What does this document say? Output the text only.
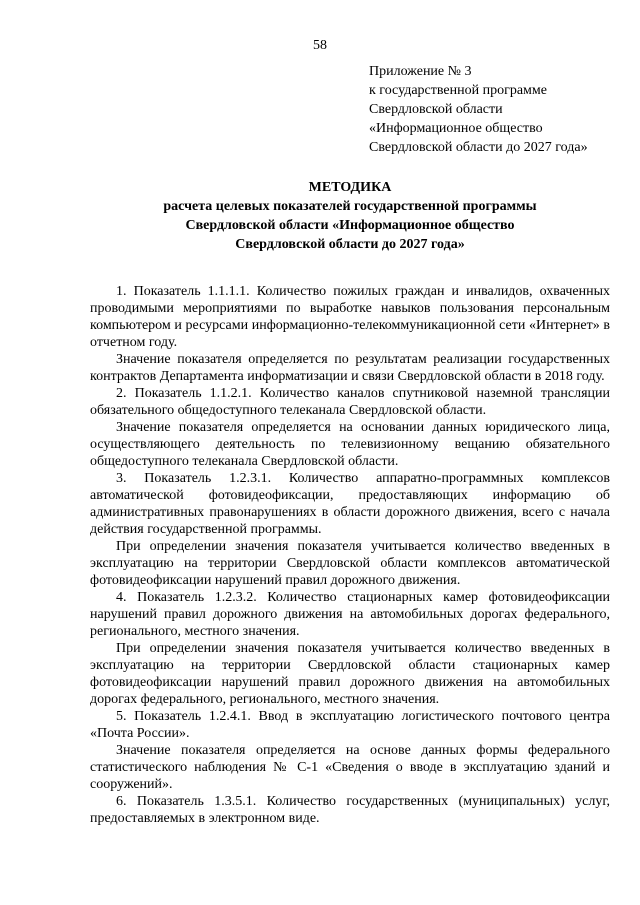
58
Приложение № 3
к государственной программе
Свердловской области
«Информационное общество
Свердловской области до 2027 года»
МЕТОДИКА
расчета целевых показателей государственной программы
Свердловской области «Информационное общество
Свердловской области до 2027 года»

1. Показатель 1.1.1.1. Количество пожилых граждан и инвалидов, охваченных проводимыми мероприятиями по выработке навыков пользования персональным компьютером и ресурсами информационно-телекоммуникационной сети «Интернет» в отчетном году.

Значение показателя определяется по результатам реализации государственных контрактов Департамента информатизации и связи Свердловской области в 2018 году.

2. Показатель 1.1.2.1. Количество каналов спутниковой наземной трансляции обязательного общедоступного телеканала Свердловской области.

Значение показателя определяется на основании данных юридического лица, осуществляющего деятельность по телевизионному вещанию обязательного общедоступного телеканала Свердловской области.

3. Показатель 1.2.3.1. Количество аппаратно-программных комплексов автоматической фотовидеофиксации, предоставляющих информацию об административных правонарушениях в области дорожного движения, всего с начала действия государственной программы.

При определении значения показателя учитывается количество введенных в эксплуатацию на территории Свердловской области комплексов автоматической фотовидеофиксации нарушений правил дорожного движения.

4. Показатель 1.2.3.2. Количество стационарных камер фотовидеофиксации нарушений правил дорожного движения на автомобильных дорогах федерального, регионального, местного значения.

При определении значения показателя учитывается количество введенных в эксплуатацию на территории Свердловской области стационарных камер фотовидеофиксации нарушений правил дорожного движения на автомобильных дорогах федерального, регионального, местного значения.

5. Показатель 1.2.4.1. Ввод в эксплуатацию логистического почтового центра «Почта России».

Значение показателя определяется на основе данных формы федерального статистического наблюдения № С-1 «Сведения о вводе в эксплуатацию зданий и сооружений».

6. Показатель 1.3.5.1. Количество государственных (муниципальных) услуг, предоставляемых в электронном виде.
